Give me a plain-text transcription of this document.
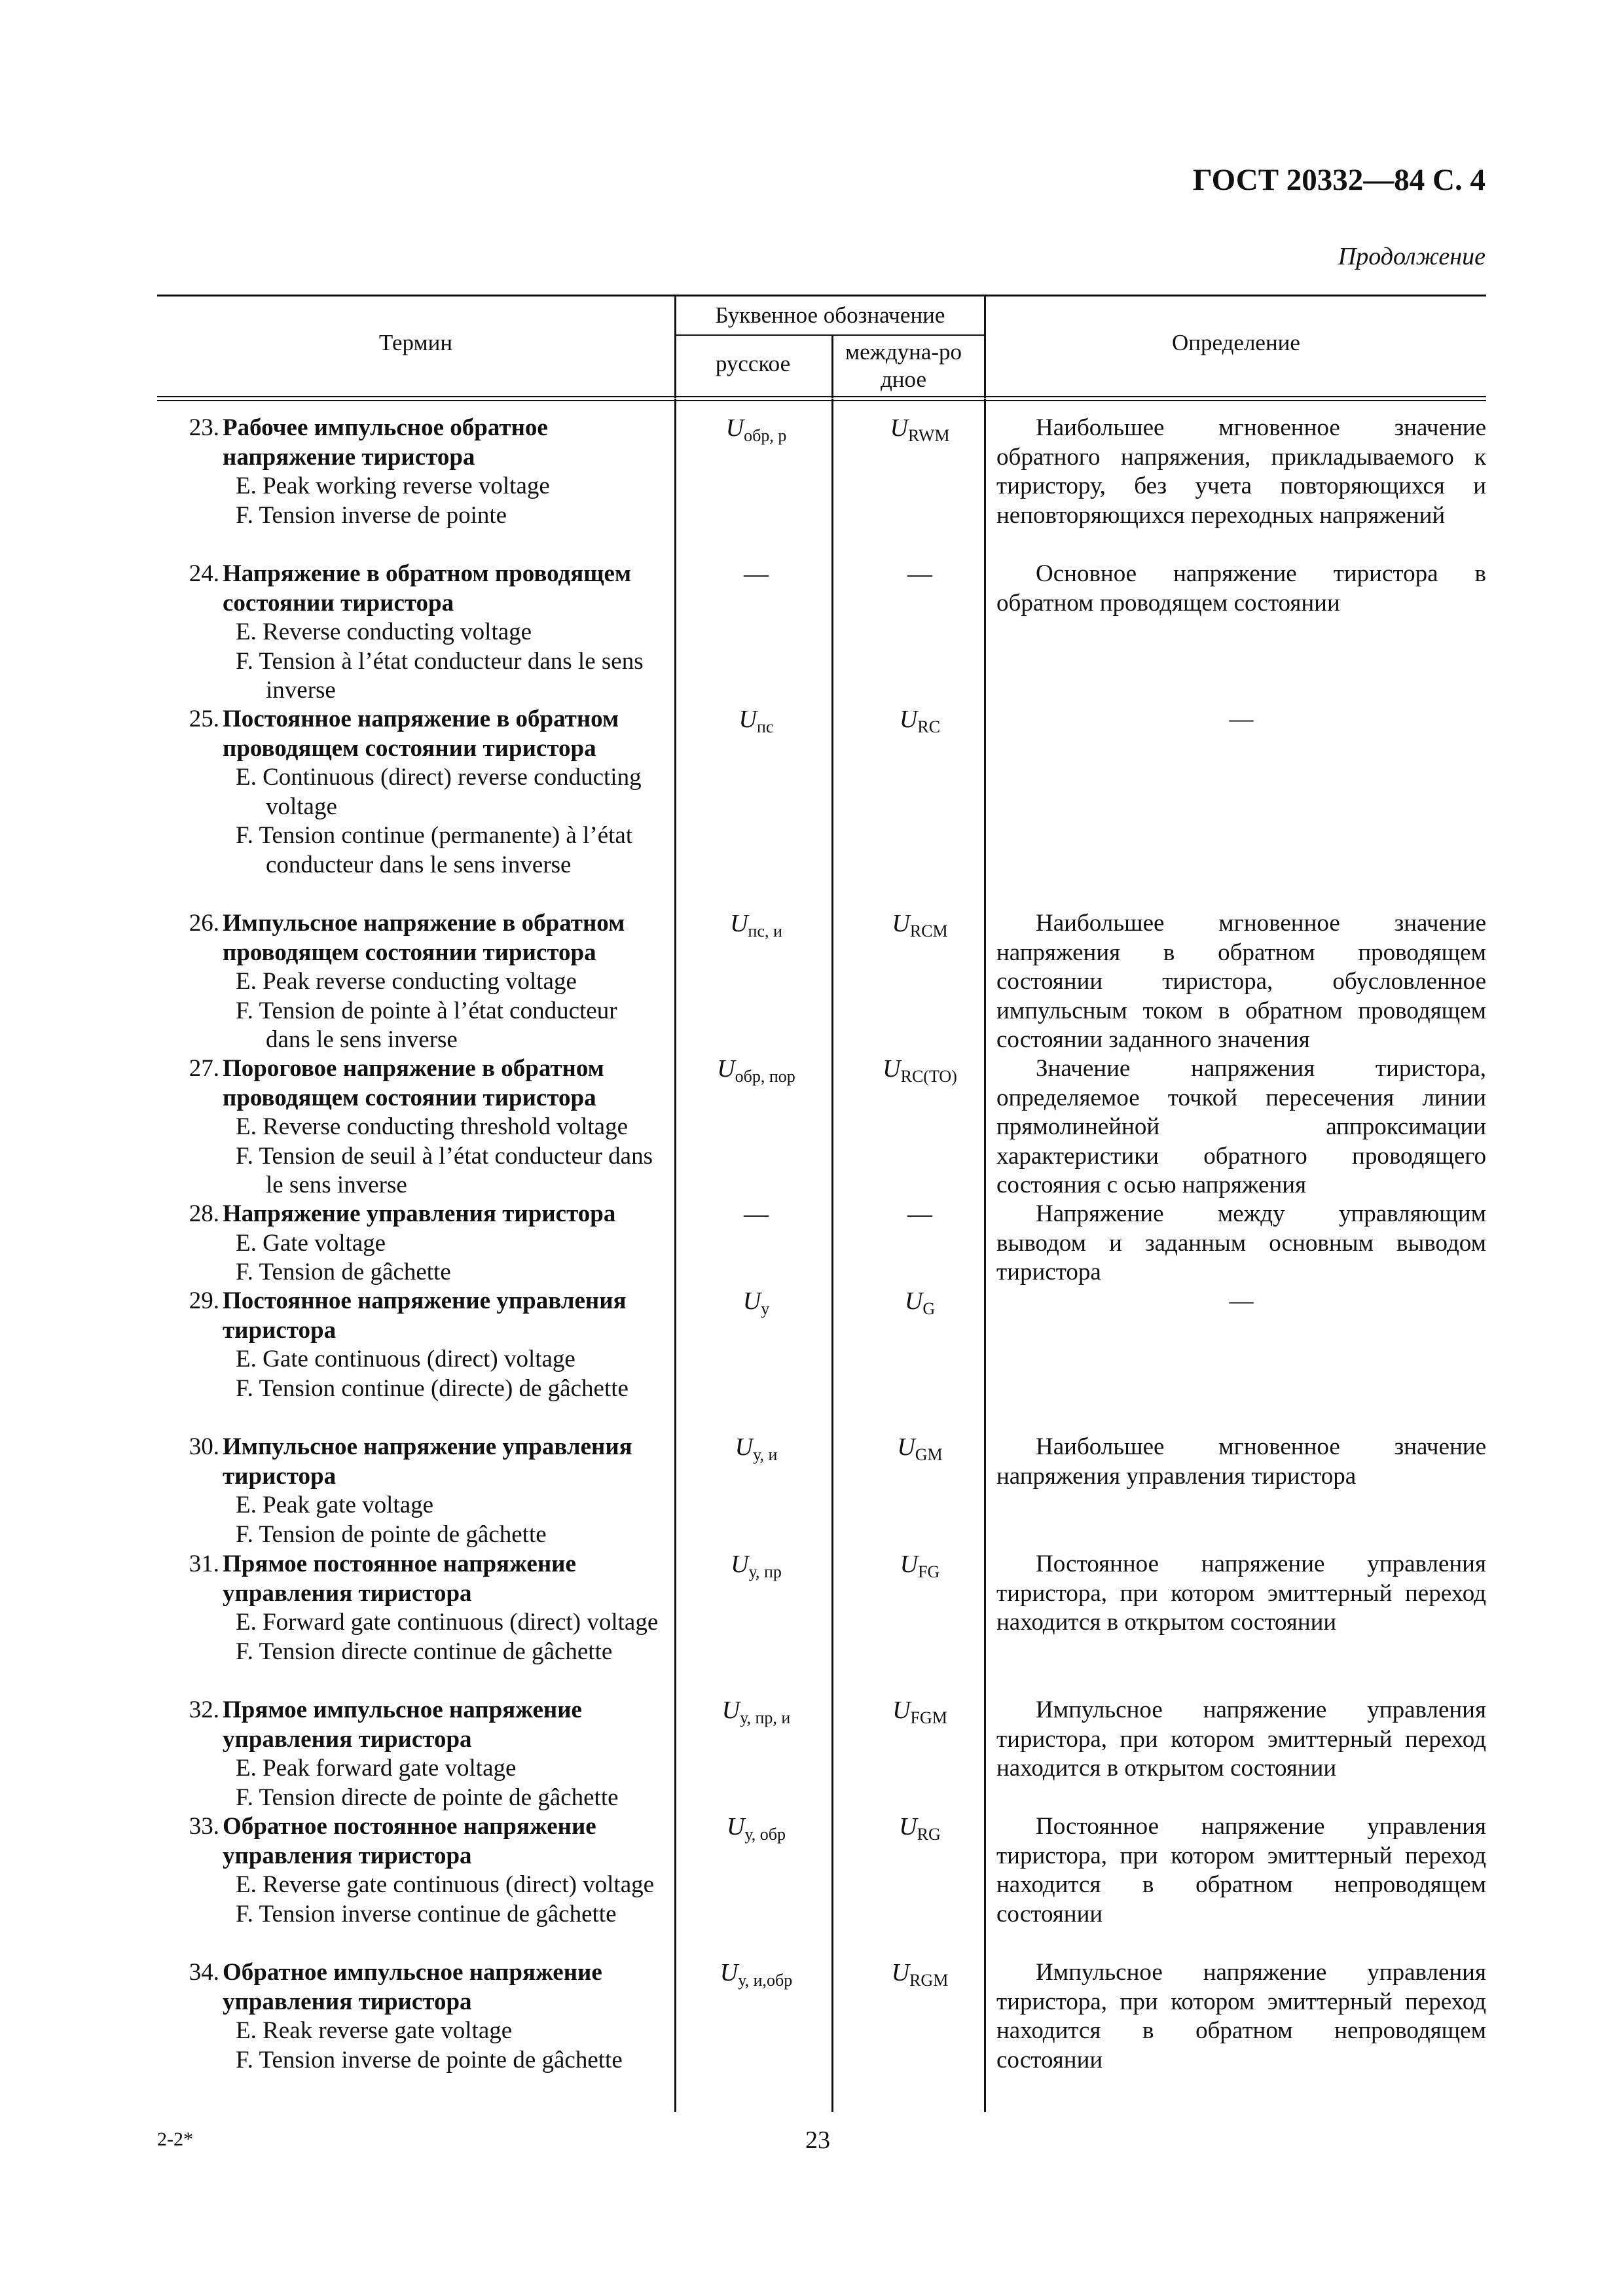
ГОСТ 20332—84 С. 4
Продолжение
Термин
Буквенное обозначение
русское	междуна-родное
Определение
23. Рабочее импульсное обратное напряжение тиристора
E. Peak working reverse voltage
F. Tension inverse de pointe
$U_{обр, р}$	$U_{RWM}$	Наибольшее мгновенное значение обратного напряжения, прикладываемого к тиристору, без учета повторяющихся и неповторяющихся переходных напряжений
24. Напряжение в обратном проводящем состоянии тиристора
E. Reverse conducting voltage
F. Tension à l’état conducteur dans le sens inverse
—	—	Основное напряжение тиристора в обратном проводящем состоянии
25. Постоянное напряжение в обратном проводящем состоянии тиристора
E. Continuous (direct) reverse conducting voltage
F. Tension continue (permanente) à l’état conducteur dans le sens inverse
$U_{пс}$	$U_{RC}$	—
26. Импульсное напряжение в обратном проводящем состоянии тиристора
E. Peak reverse conducting voltage
F. Tension de pointe à l’état conducteur dans le sens inverse
$U_{пс, и}$	$U_{RCM}$	Наибольшее мгновенное значение напряжения в обратном проводящем состоянии тиристора, обусловленное импульсным током в обратном проводящем состоянии заданного значения
27. Пороговое напряжение в обратном проводящем состоянии тиристора
E. Reverse conducting threshold voltage
F. Tension de seuil à l’état conducteur dans le sens inverse
$U_{обр, пор}$	$U_{RC(TO)}$	Значение напряжения тиристора, определяемое точкой пересечения линии прямолинейной аппроксимации характеристики обратного проводящего состояния с осью напряжения
28. Напряжение управления тиристора
E. Gate voltage
F. Tension de gâchette
—	—	Напряжение между управляющим выводом и заданным основным выводом тиристора
29. Постоянное напряжение управления тиристора
E. Gate continuous (direct) voltage
F. Tension continue (directe) de gâchette
$U_у$	$U_G$	—
30. Импульсное напряжение управления тиристора
E. Peak gate voltage
F. Tension de pointe de gâchette
$U_{у, и}$	$U_{GM}$	Наибольшее мгновенное значение напряжения управления тиристора
31. Прямое постоянное напряжение управления тиристора
E. Forward gate continuous (direct) voltage
F. Tension directe continue de gâchette
$U_{у, пр}$	$U_{FG}$	Постоянное напряжение управления тиристора, при котором эмиттерный переход находится в открытом состоянии
32. Прямое импульсное напряжение управления тиристора
E. Peak forward gate voltage
F. Tension directe de pointe de gâchette
$U_{у, пр, и}$	$U_{FGM}$	Импульсное напряжение управления тиристора, при котором эмиттерный переход находится в открытом состоянии
33. Обратное постоянное напряжение управления тиристора
E. Reverse gate continuous (direct) voltage
F. Tension inverse continue de gâchette
$U_{у, обр}$	$U_{RG}$	Постоянное напряжение управления тиристора, при котором эмиттерный переход находится в обратном непроводящем состоянии
34. Обратное импульсное напряжение управления тиристора
E. Reak reverse gate voltage
F. Tension inverse de pointe de gâchette
$U_{у, и,обр}$	$U_{RGM}$	Импульсное напряжение управления тиристора, при котором эмиттерный переход находится в обратном непроводящем состоянии
2-2*	23
